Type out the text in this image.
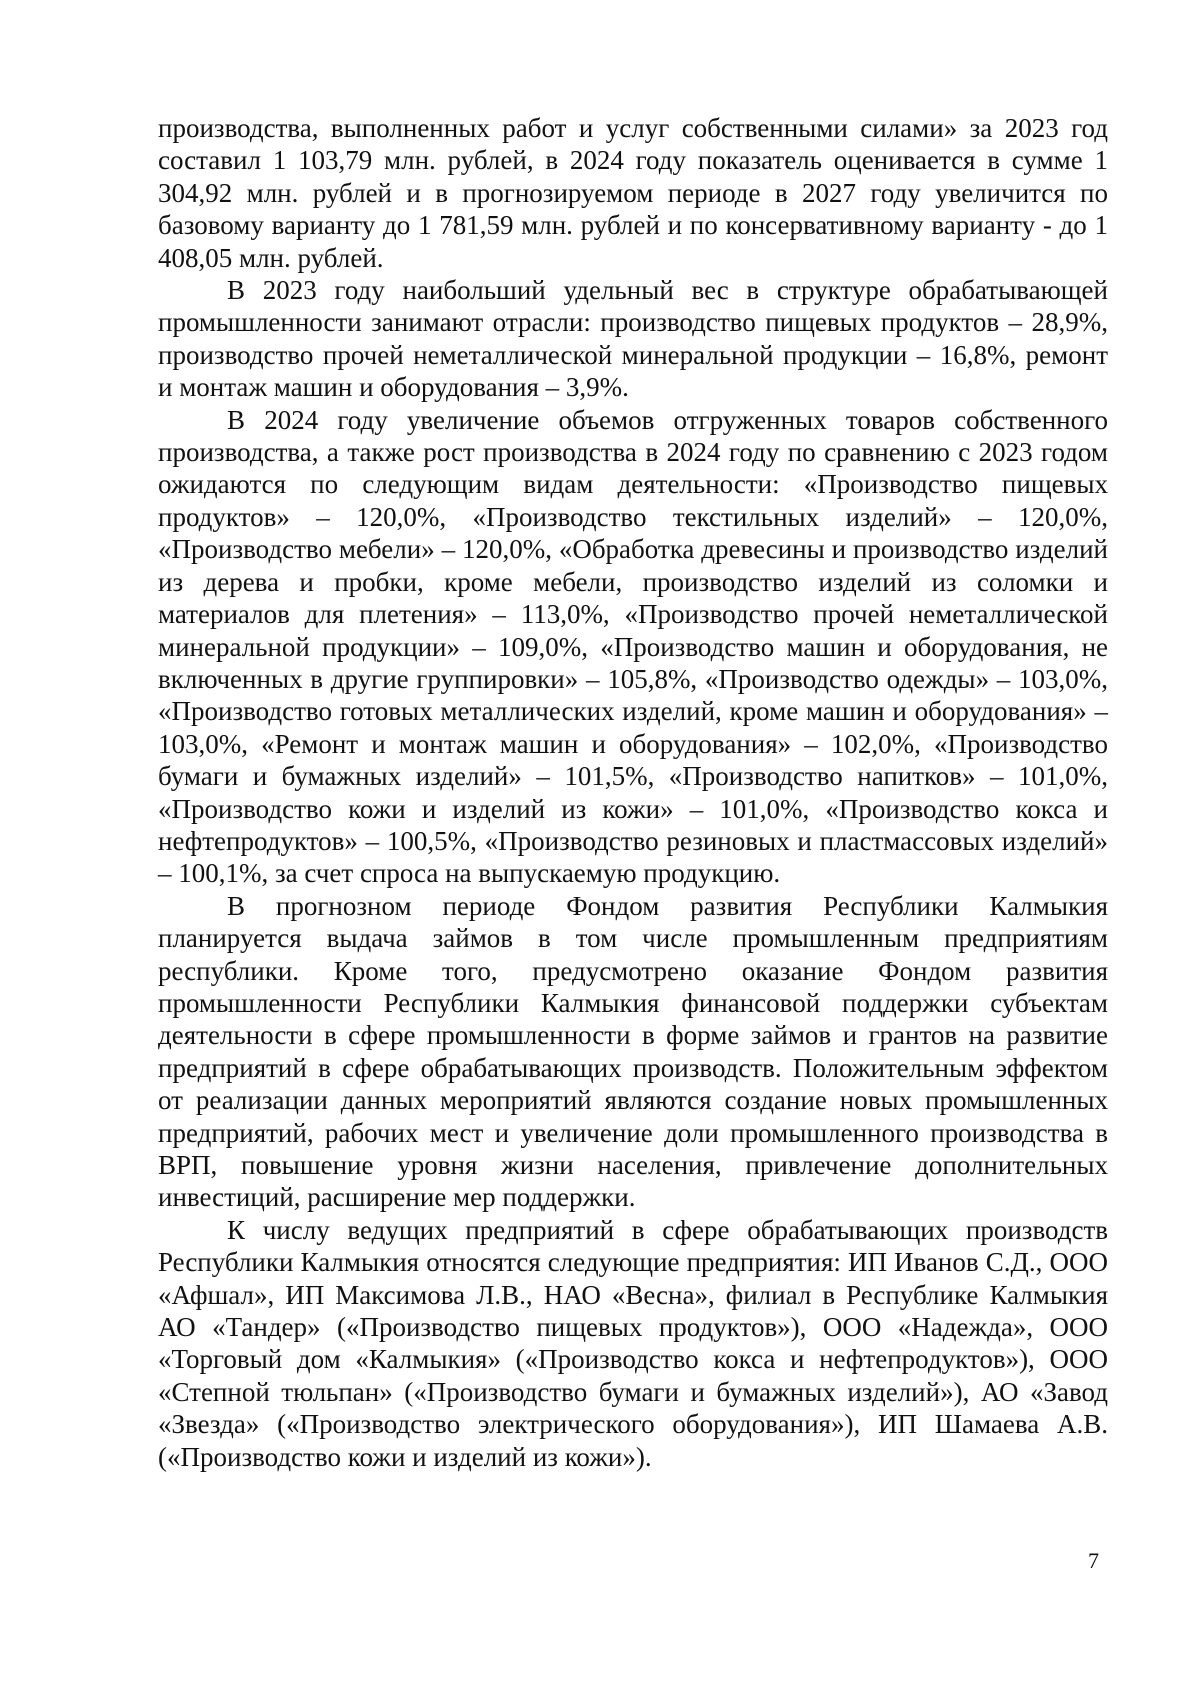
производства, выполненных работ и услуг собственными силами» за 2023 год составил 1 103,79 млн. рублей, в 2024 году показатель оценивается в сумме 1 304,92 млн. рублей и в прогнозируемом периоде в 2027 году увеличится по базовому варианту до 1 781,59 млн. рублей и по консервативному варианту - до 1 408,05 млн. рублей.

В 2023 году наибольший удельный вес в структуре обрабатывающей промышленности занимают отрасли: производство пищевых продуктов – 28,9%, производство прочей неметаллической минеральной продукции – 16,8%, ремонт и монтаж машин и оборудования – 3,9%.

В 2024 году увеличение объемов отгруженных товаров собственного производства, а также рост производства в 2024 году по сравнению с 2023 годом ожидаются по следующим видам деятельности: «Производство пищевых продуктов» – 120,0%, «Производство текстильных изделий» – 120,0%, «Производство мебели» – 120,0%, «Обработка древесины и производство изделий из дерева и пробки, кроме мебели, производство изделий из соломки и материалов для плетения» – 113,0%, «Производство прочей неметаллической минеральной продукции» – 109,0%, «Производство машин и оборудования, не включенных в другие группировки» – 105,8%, «Производство одежды» – 103,0%, «Производство готовых металлических изделий, кроме машин и оборудования» – 103,0%, «Ремонт и монтаж машин и оборудования» – 102,0%, «Производство бумаги и бумажных изделий» – 101,5%, «Производство напитков» – 101,0%, «Производство кожи и изделий из кожи» – 101,0%, «Производство кокса и нефтепродуктов» – 100,5%, «Производство резиновых и пластмассовых изделий» – 100,1%, за счет спроса на выпускаемую продукцию.

В прогнозном периоде Фондом развития Республики Калмыкия планируется выдача займов в том числе промышленным предприятиям республики. Кроме того, предусмотрено оказание Фондом развития промышленности Республики Калмыкия финансовой поддержки субъектам деятельности в сфере промышленности в форме займов и грантов на развитие предприятий в сфере обрабатывающих производств. Положительным эффектом от реализации данных мероприятий являются создание новых промышленных предприятий, рабочих мест и увеличение доли промышленного производства в ВРП, повышение уровня жизни населения, привлечение дополнительных инвестиций, расширение мер поддержки.

К числу ведущих предприятий в сфере обрабатывающих производств Республики Калмыкия относятся следующие предприятия: ИП Иванов С.Д., ООО «Афшал», ИП Максимова Л.В., НАО «Весна», филиал в Республике Калмыкия АО «Тандер» («Производство пищевых продуктов»), ООО «Надежда», ООО «Торговый дом «Калмыкия» («Производство кокса и нефтепродуктов»), ООО «Степной тюльпан» («Производство бумаги и бумажных изделий»), АО «Завод «Звезда» («Производство электрического оборудования»), ИП Шамаева А.В. («Производство кожи и изделий из кожи»).

7
